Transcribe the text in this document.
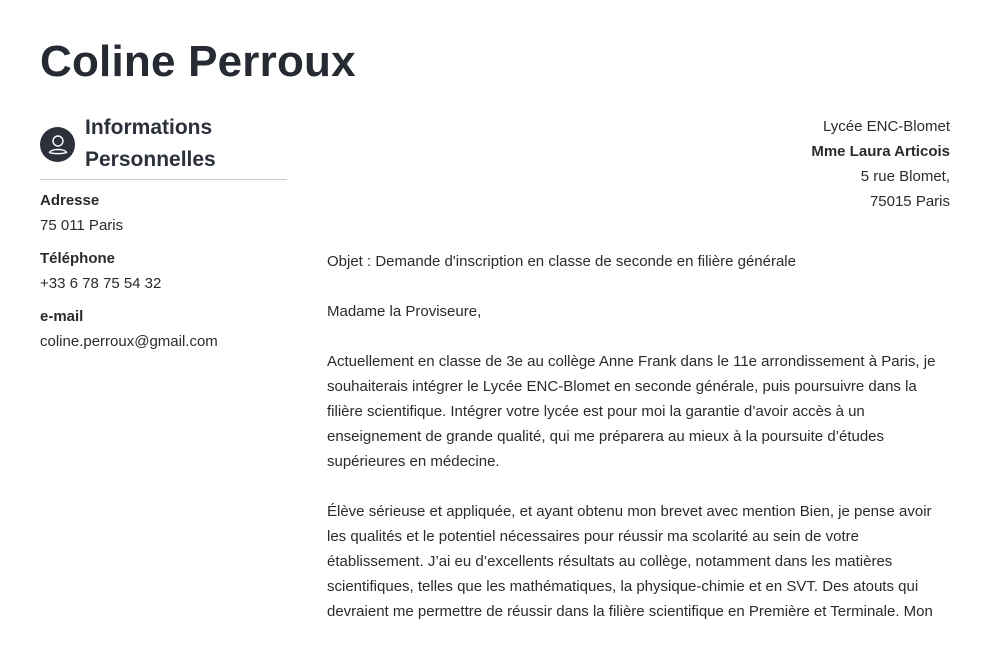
Coline Perroux
Informations
Personnelles
Adresse
75 011 Paris
Téléphone
+33 6 78 75 54 32
e-mail
coline.perroux@gmail.com
Lycée ENC-Blomet
Mme Laura Articois
5 rue Blomet,
75015 Paris

Objet : Demande d'inscription en classe de seconde en filière générale

Madame la Proviseure,

Actuellement en classe de 3e au collège Anne Frank dans le 11e arrondissement à Paris, je souhaiterais intégrer le Lycée ENC-Blomet en seconde générale, puis poursuivre dans la filière scientifique. Intégrer votre lycée est pour moi la garantie d’avoir accès à un enseignement de grande qualité, qui me préparera au mieux à la poursuite d’études supérieures en médecine.

Élève sérieuse et appliquée, et ayant obtenu mon brevet avec mention Bien, je pense avoir les qualités et le potentiel nécessaires pour réussir ma scolarité au sein de votre établissement. J’ai eu d’excellents résultats au collège, notamment dans les matières scientifiques, telles que les mathématiques, la physique-chimie et en SVT. Des atouts qui devraient me permettre de réussir dans la filière scientifique en Première et Terminale. Mon
